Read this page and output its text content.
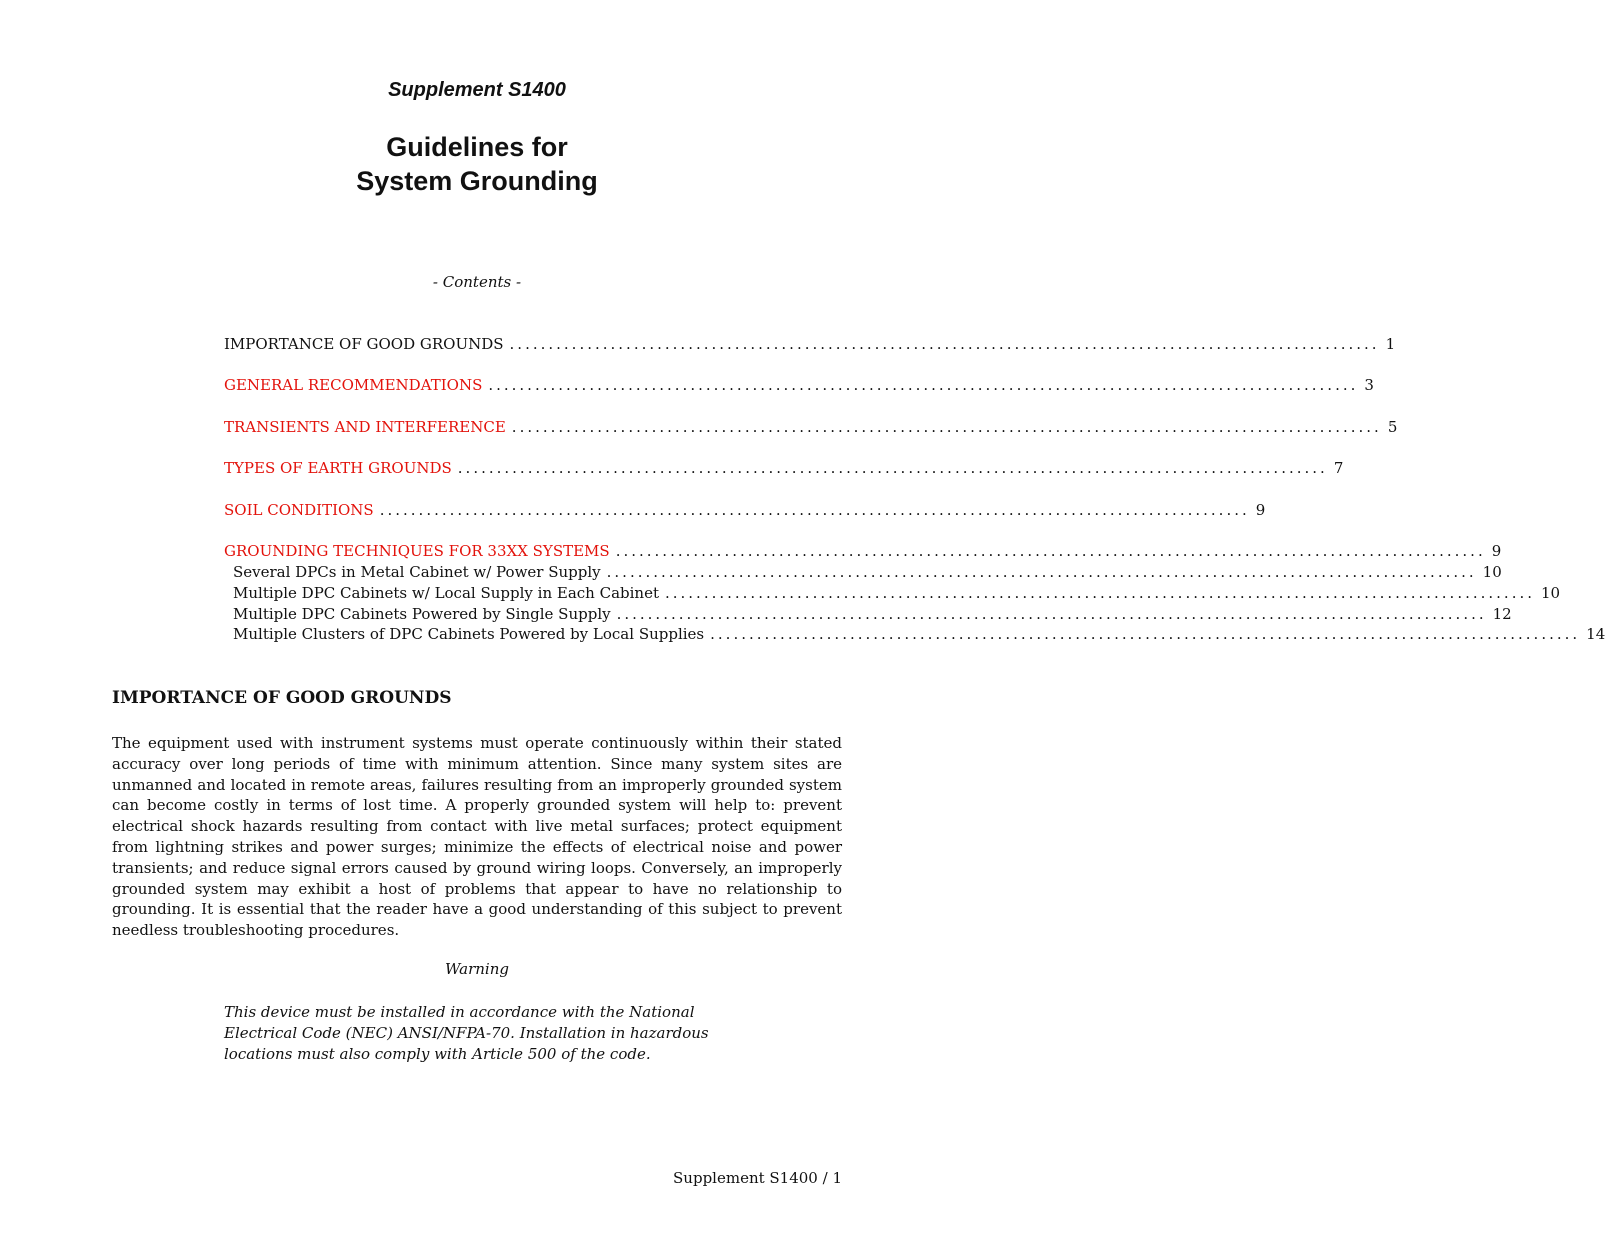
Supplement S1400
Guidelines for
System Grounding
- Contents -
IMPORTANCE OF GOOD GROUNDS ................................................................................................................ 1
GENERAL RECOMMENDATIONS ................................................................................................................ 3
TRANSIENTS AND INTERFERENCE ................................................................................................................ 5
TYPES OF EARTH GROUNDS ................................................................................................................ 7
SOIL CONDITIONS ................................................................................................................ 9
GROUNDING TECHNIQUES FOR 33XX SYSTEMS ................................................................................................................ 9
Several DPCs in Metal Cabinet w/ Power Supply ................................................................................................................ 10
Multiple DPC Cabinets w/ Local Supply in Each Cabinet ................................................................................................................ 10
Multiple DPC Cabinets Powered by Single Supply ................................................................................................................ 12
Multiple Clusters of DPC Cabinets Powered by Local Supplies ................................................................................................................ 14
IMPORTANCE OF GOOD GROUNDS
The equipment used with instrument systems must operate continuously within their stated accuracy over long periods of time with minimum attention. Since many system sites are unmanned and located in remote areas, failures resulting from an improperly grounded system can become costly in terms of lost time. A properly grounded system will help to: prevent electrical shock hazards resulting from contact with live metal surfaces; protect equipment from lightning strikes and power surges; minimize the effects of electrical noise and power transients; and reduce signal errors caused by ground wiring loops. Conversely, an improperly grounded system may exhibit a host of problems that appear to have no relationship to grounding. It is essential that the reader have a good understanding of this subject to prevent needless troubleshooting procedures.
Warning
This device must be installed in accordance with the National Electrical Code (NEC) ANSI/NFPA-70. Installation in hazardous locations must also comply with Article 500 of the code.
Supplement S1400 / 1
